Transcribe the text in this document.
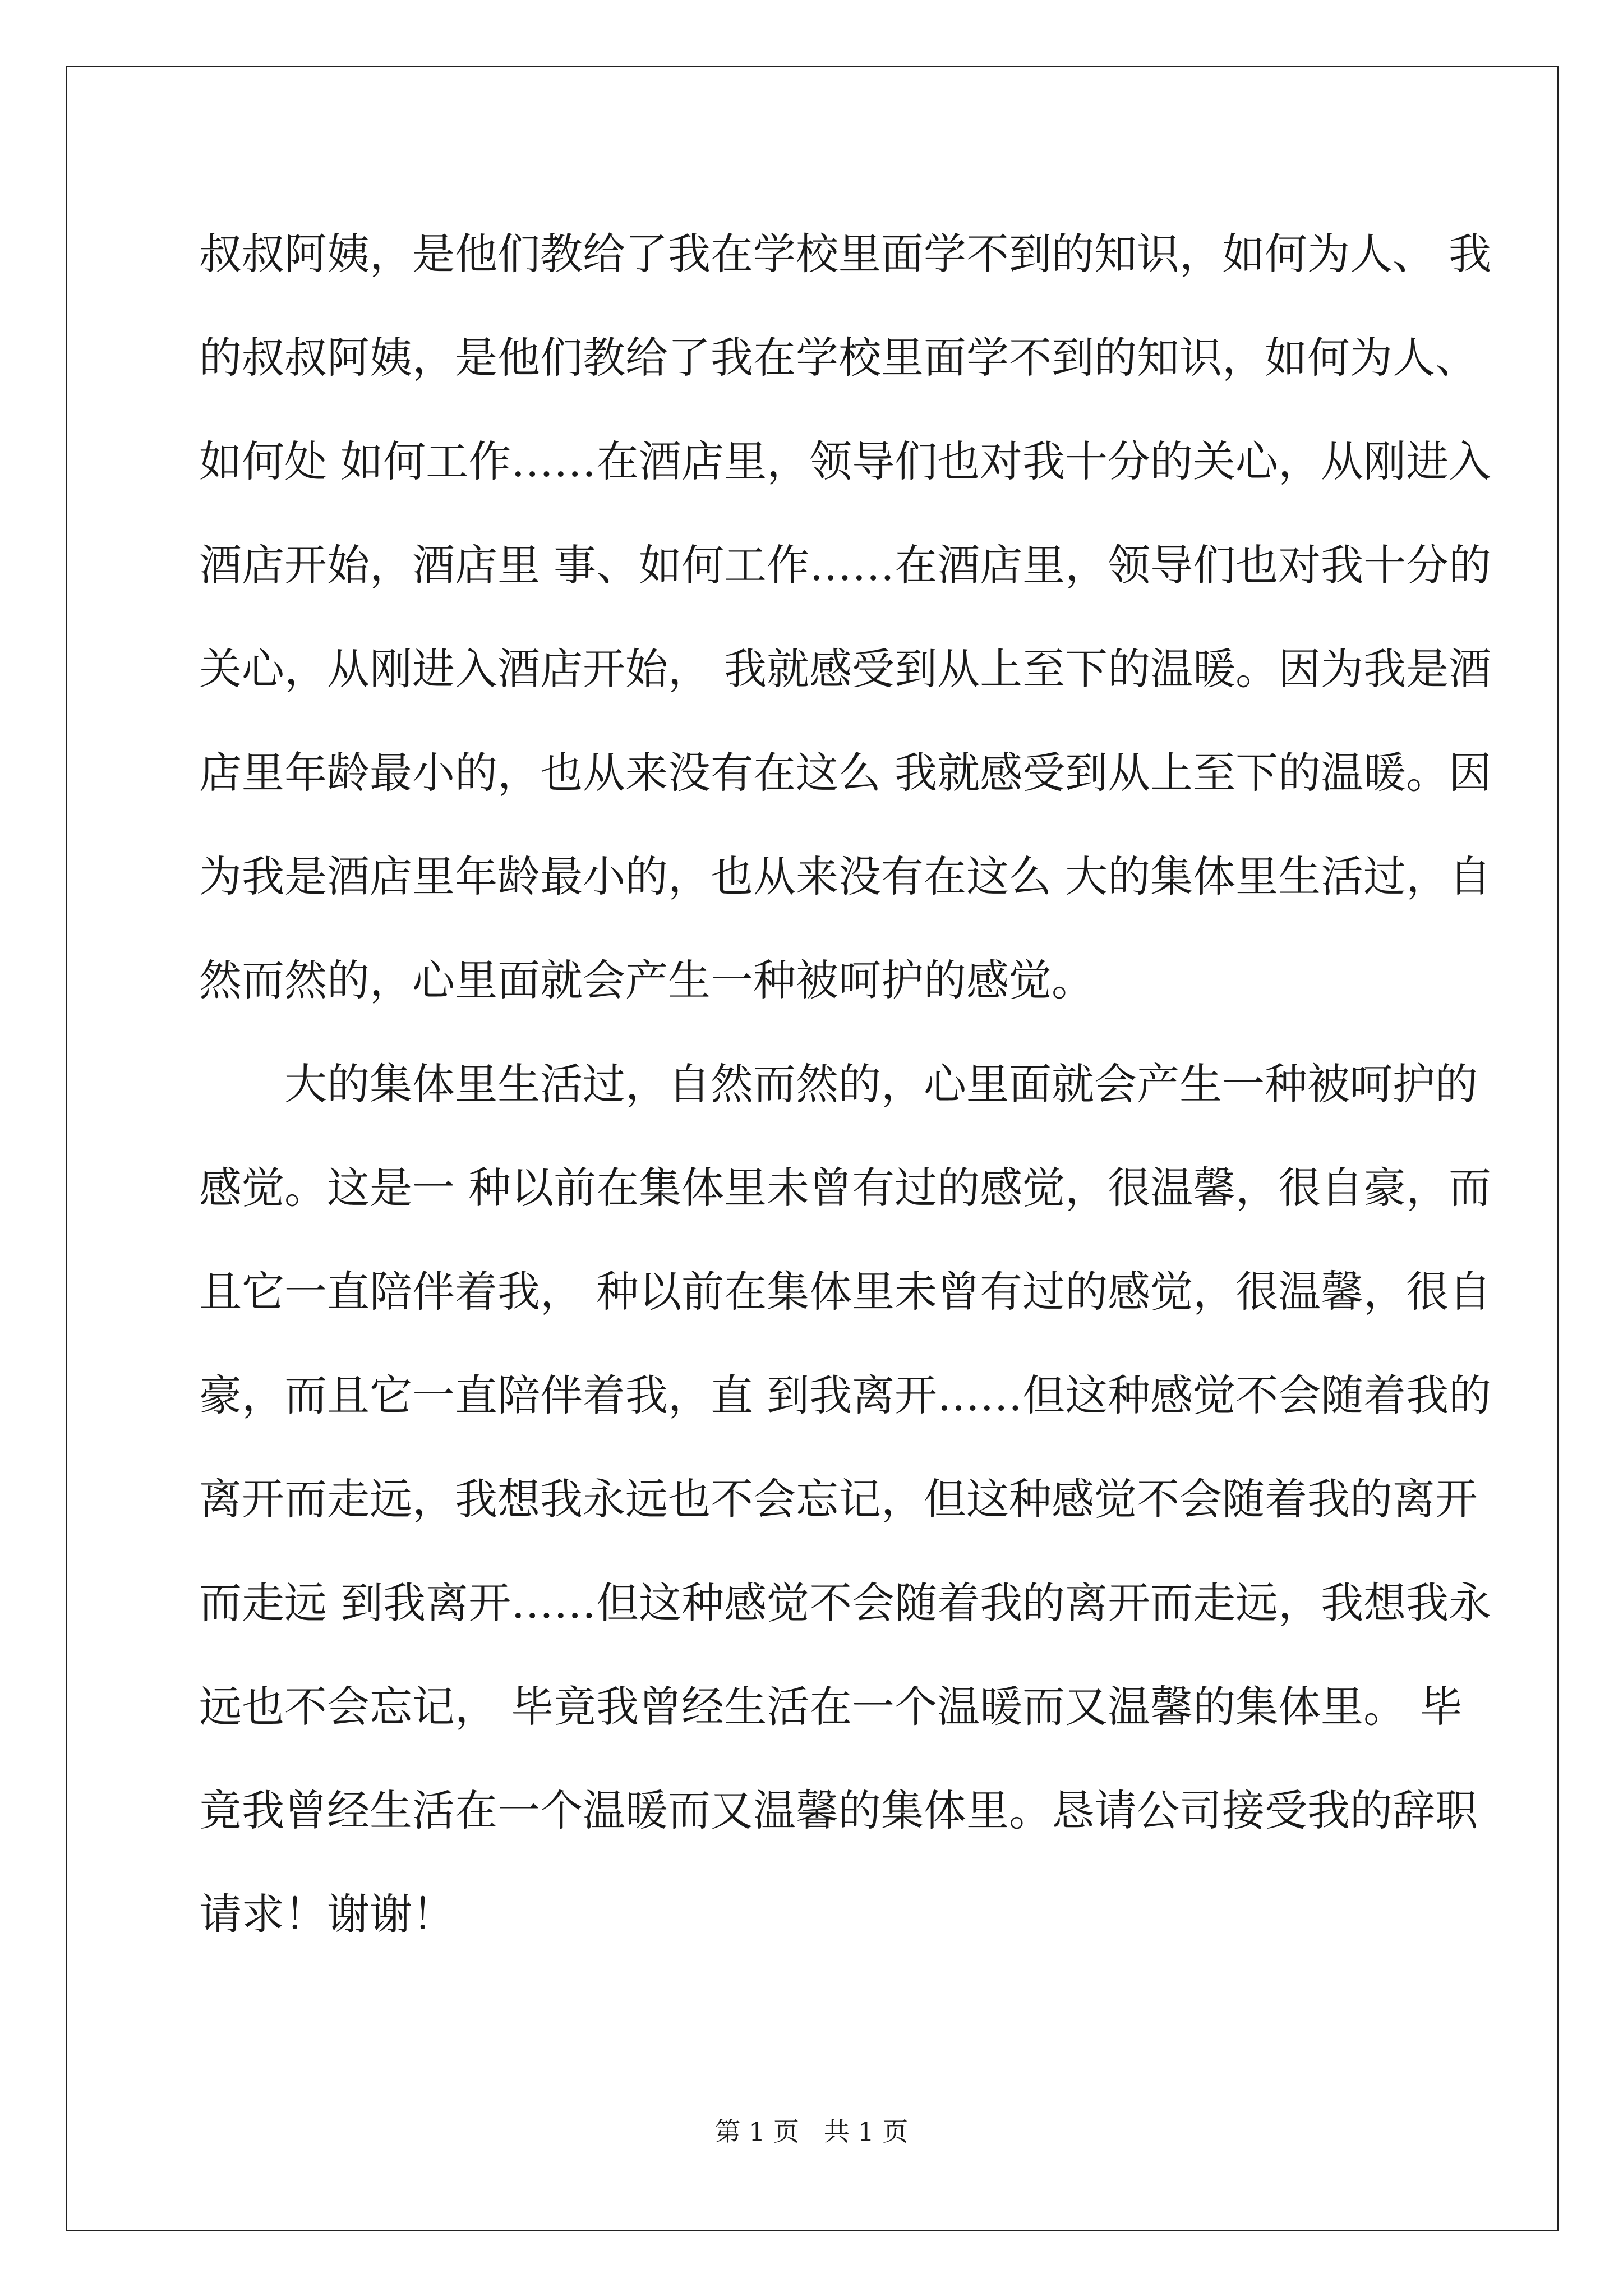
叔叔阿姨，是他们教给了我在学校里面学不到的知识，如何为人、 我
的叔叔阿姨，是他们教给了我在学校里面学不到的知识，如何为人、
如何处 如何工作……在酒店里，领导们也对我十分的关心，从刚进入
酒店开始，酒店里 事、如何工作……在酒店里，领导们也对我十分的
关心，从刚进入酒店开始， 我就感受到从上至下的温暖。因为我是酒
店里年龄最小的，也从来没有在这么 我就感受到从上至下的温暖。因
为我是酒店里年龄最小的，也从来没有在这么 大的集体里生活过，自
然而然的，心里面就会产生一种被呵护的感觉。
大的集体里生活过，自然而然的，心里面就会产生一种被呵护的
感觉。这是一 种以前在集体里未曾有过的感觉，很温馨，很自豪，而
且它一直陪伴着我， 种以前在集体里未曾有过的感觉，很温馨，很自
豪，而且它一直陪伴着我，直 到我离开……但这种感觉不会随着我的
离开而走远，我想我永远也不会忘记，但这种感觉不会随着我的离开
而走远 到我离开……但这种感觉不会随着我的离开而走远，我想我永
远也不会忘记， 毕竟我曾经生活在一个温暖而又温馨的集体里。 毕
竟我曾经生活在一个温暖而又温馨的集体里。恳请公司接受我的辞职
请求！谢谢！
第 1 页   共 1 页
